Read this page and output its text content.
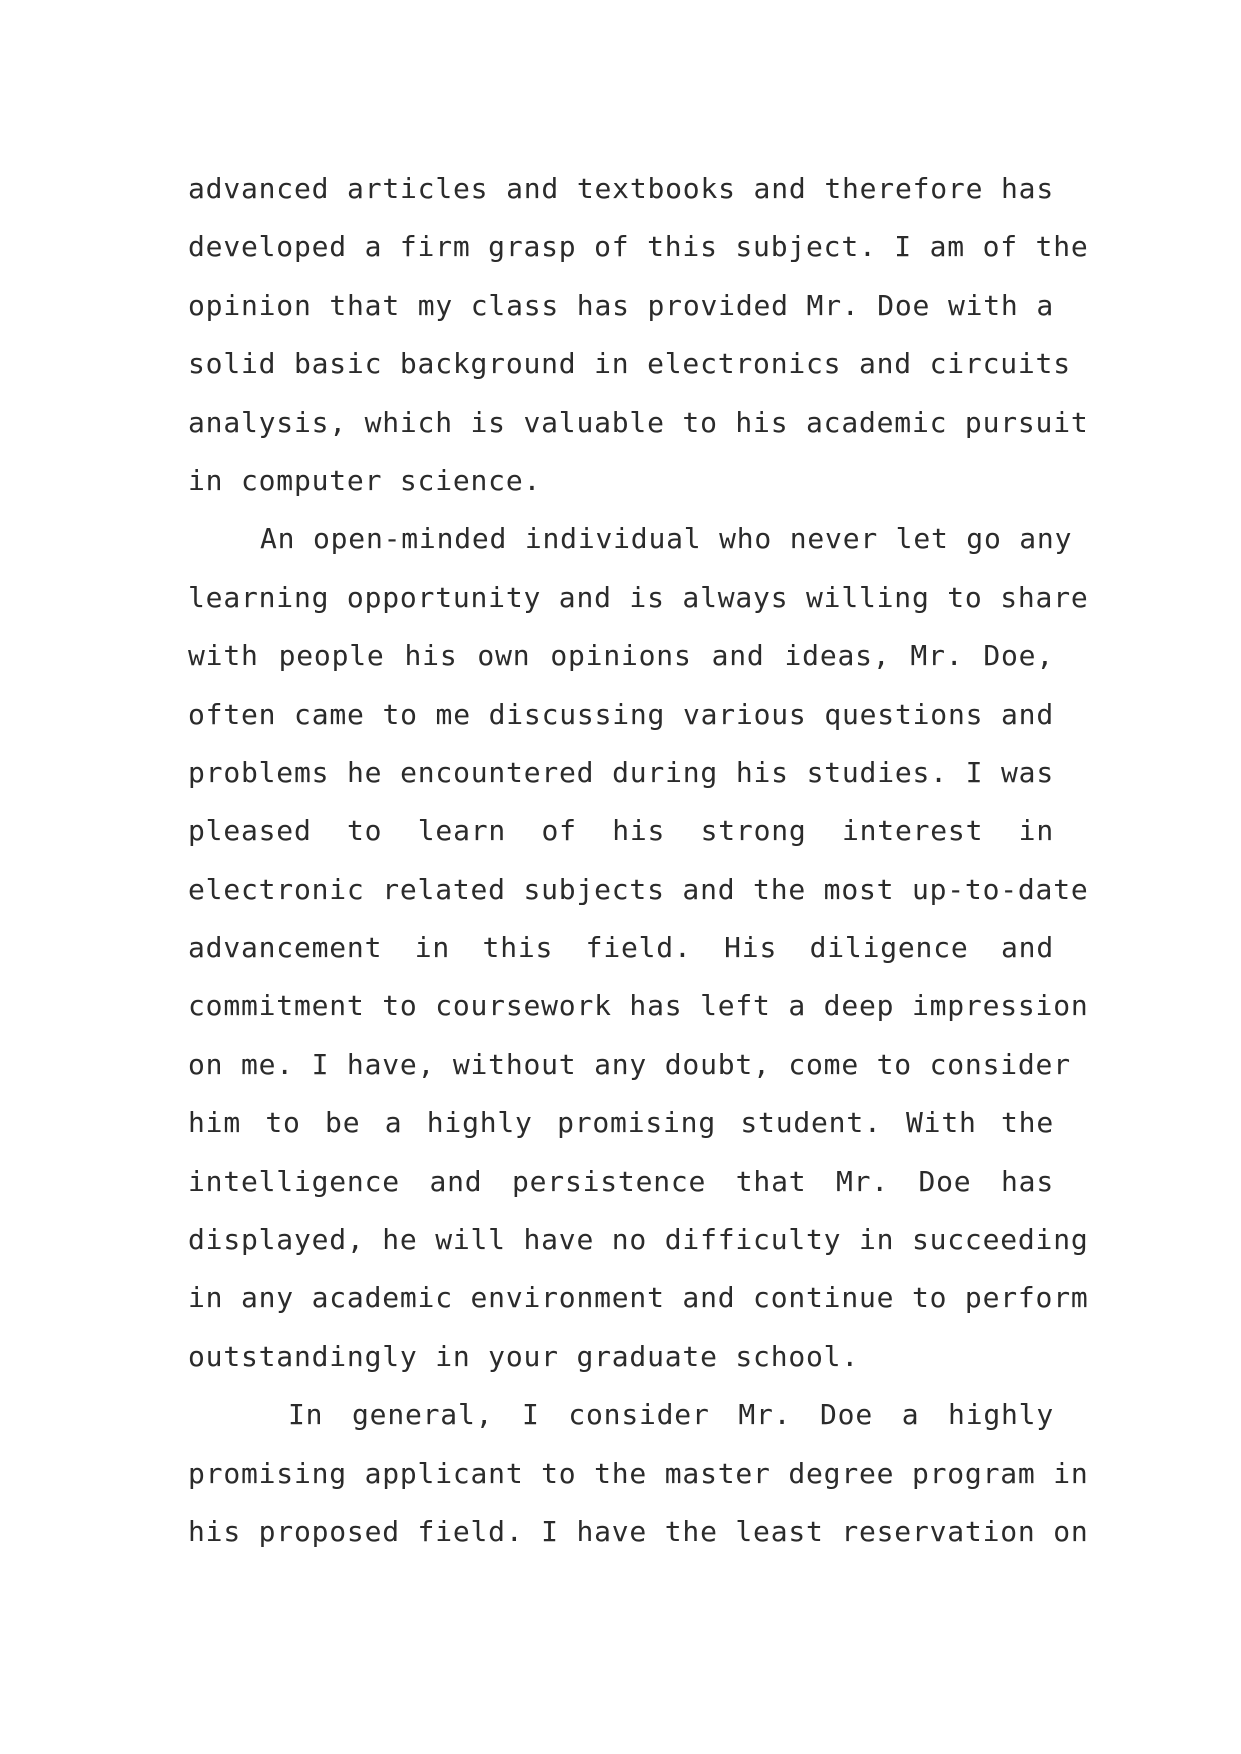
advanced articles and textbooks and therefore has
developed a firm grasp of this subject. I am of the
opinion that my class has provided Mr. Doe with a
solid basic background in electronics and circuits
analysis, which is valuable to his academic pursuit
in computer science.
An open-minded individual who never let go any
learning opportunity and is always willing to share
with people his own opinions and ideas, Mr. Doe,
often came to me discussing various questions and
problems he encountered during his studies. I was
pleased to learn of his strong interest in
electronic related subjects and the most up-to-date
advancement in this field. His diligence and
commitment to coursework has left a deep impression
on me. I have, without any doubt, come to consider
him to be a highly promising student. With the
intelligence and persistence that Mr. Doe has
displayed, he will have no difficulty in succeeding
in any academic environment and continue to perform
outstandingly in your graduate school.
In general, I consider Mr. Doe a highly
promising applicant to the master degree program in
his proposed field. I have the least reservation on
